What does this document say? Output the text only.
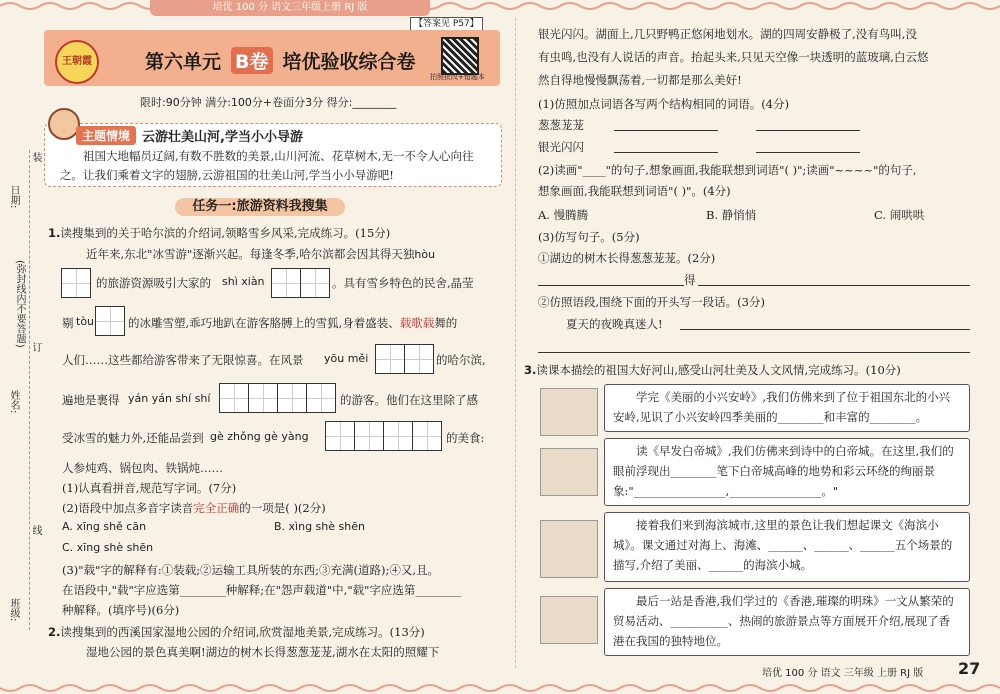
培优 100 分 语文三年级上册 RJ 版
【答案见 P57】
王朝霞	第六单元 B卷 培优验收综合卷
拍照批改+错题本
限时:90分钟 满分:100分+卷面分3分 得分:________
主题情境 云游壮美山河,学当小小导游
祖国大地幅员辽阔,有数不胜数的美景,山川河流、花草树木,无一不令人心向往之。让我们乘着文字的翅膀,云游祖国的壮美山河,学当小小导游吧!
任务一:旅游资料我搜集
日期:
装
(弥封线内不要答题) 订
姓名:
线
班级:
1.读搜集到的关于哈尔滨的介绍词,领略雪乡风采,完成练习。(15分)
近年来,东北"冰雪游"逐渐兴起。每逢冬季,哈尔滨都会因其得天独hòu
的旅游资源吸引大家的 shì xiàn	。具有雪乡特色的民舍,晶莹
剔 tòu	的冰雕雪塑,乖巧地趴在游客胳膊上的雪狐,身着盛装、载歌载舞的
人们……这些都给游客带来了无限惊喜。在风景 yōu měi	的哈尔滨,
遍地是裹得 yán yán shí shí	的游客。他们在这里除了感
受冰雪的魅力外,还能品尝到 gè zhǒng gè yàng	的美食:
人参炖鸡、锅包肉、铁锅炖……
(1)认真看拼音,规范写字词。(7分)
(2)语段中加点多音字读音完全正确的一项是( )(2分)
A. xīng shě cān	B. xìng shè shēn
C. xīng shè shēn
(3)"载"字的解释有:①装载;②运输工具所装的东西;③充满(道路);④又,且。
在语段中,"载"字应选第________种解释;在"怨声载道"中,"载"字应选第________
种解释。(填序号)(6分)
2.读搜集到的西溪国家湿地公园的介绍词,欣赏湿地美景,完成练习。(13分)
湿地公园的景色真美啊!湖边的树木长得葱葱茏茏,湖水在太阳的照耀下
银光闪闪。湖面上,几只野鸭正悠闲地划水。湖的四周安静极了,没有鸟叫,没
有虫鸣,也没有人说话的声音。抬起头来,只见天空像一块透明的蓝玻璃,白云悠
然自得地慢慢飘荡着,一切都是那么美好!
(1)仿照加点词语各写两个结构相同的词语。(4分)
葱葱茏茏
银光闪闪
(2)读画"____"的句子,想象画面,我能联想到词语"( )";读画"~~~~"的句子,
想象画面,我能联想到词语"( )"。(4分)
A. 慢腾腾	B. 静悄悄	C. 闹哄哄
(3)仿写句子。(5分)
①湖边的树木长得葱葱茏茏。(2分)
得
②仿照语段,围绕下面的开头写一段话。(3分)
夏天的夜晚真迷人!
3.读课本描绘的祖国大好河山,感受山河壮美及人文风情,完成练习。(10分)
学完《美丽的小兴安岭》,我们仿佛来到了位于祖国东北的小兴安岭,见识了小兴安岭四季美丽的________和丰富的________。
读《早发白帝城》,我们仿佛来到诗中的白帝城。在这里,我们的眼前浮现出________笔下白帝城高峰的地势和彩云环绕的绚丽景象:"________________,________________。"
接着我们来到海滨城市,这里的景色让我们想起课文《海滨小城》。课文通过对海上、海滩、______、______、______五个场景的描写,介绍了美丽、______的海滨小城。
最后一站是香港,我们学过的《香港,璀璨的明珠》一文从繁荣的贸易活动、__________、热闹的旅游景点等方面展开介绍,展现了香港在我国的独特地位。
培优 100 分 语文 三年级 上册 RJ 版 27
